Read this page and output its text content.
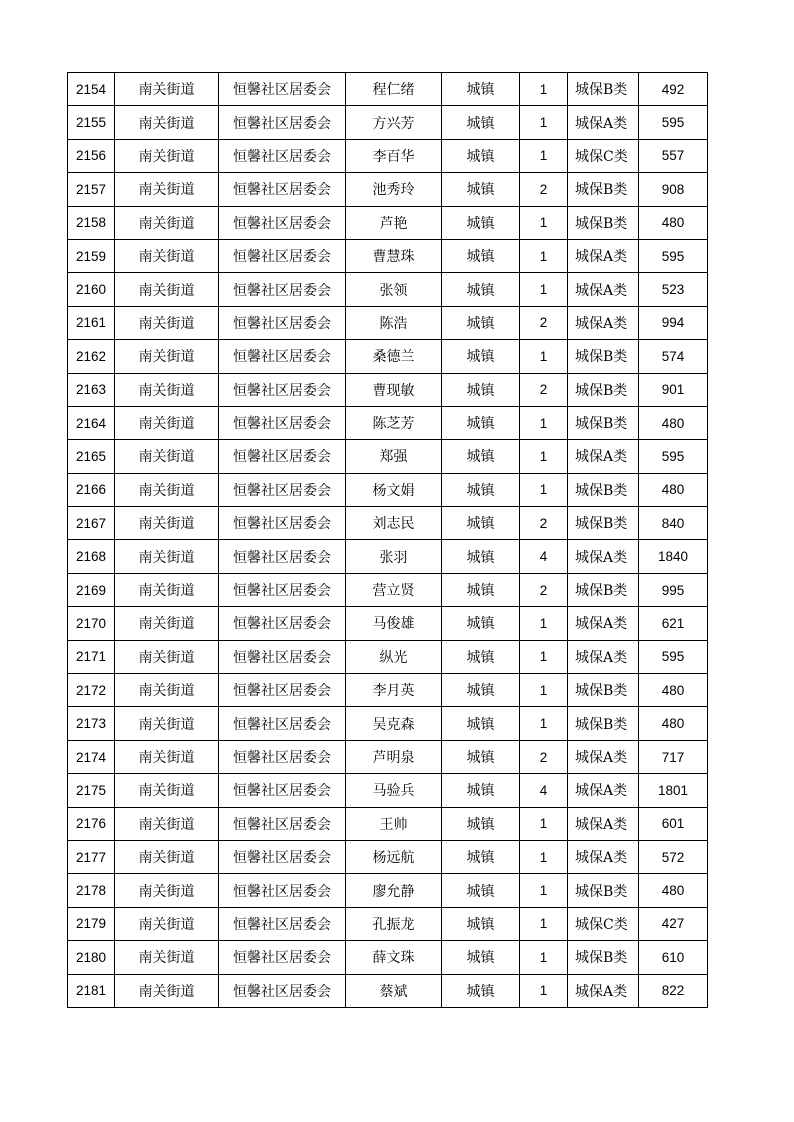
2154	南关街道	恒馨社区居委会	程仁绪	城镇	1	城保B类	492
2155	南关街道	恒馨社区居委会	方兴芳	城镇	1	城保A类	595
2156	南关街道	恒馨社区居委会	李百华	城镇	1	城保C类	557
2157	南关街道	恒馨社区居委会	池秀玲	城镇	2	城保B类	908
2158	南关街道	恒馨社区居委会	芦艳	城镇	1	城保B类	480
2159	南关街道	恒馨社区居委会	曹慧珠	城镇	1	城保A类	595
2160	南关街道	恒馨社区居委会	张领	城镇	1	城保A类	523
2161	南关街道	恒馨社区居委会	陈浩	城镇	2	城保A类	994
2162	南关街道	恒馨社区居委会	桑德兰	城镇	1	城保B类	574
2163	南关街道	恒馨社区居委会	曹现敏	城镇	2	城保B类	901
2164	南关街道	恒馨社区居委会	陈芝芳	城镇	1	城保B类	480
2165	南关街道	恒馨社区居委会	郑强	城镇	1	城保A类	595
2166	南关街道	恒馨社区居委会	杨文娟	城镇	1	城保B类	480
2167	南关街道	恒馨社区居委会	刘志民	城镇	2	城保B类	840
2168	南关街道	恒馨社区居委会	张羽	城镇	4	城保A类	1840
2169	南关街道	恒馨社区居委会	营立贤	城镇	2	城保B类	995
2170	南关街道	恒馨社区居委会	马俊雄	城镇	1	城保A类	621
2171	南关街道	恒馨社区居委会	纵光	城镇	1	城保A类	595
2172	南关街道	恒馨社区居委会	李月英	城镇	1	城保B类	480
2173	南关街道	恒馨社区居委会	吴克森	城镇	1	城保B类	480
2174	南关街道	恒馨社区居委会	芦明泉	城镇	2	城保A类	717
2175	南关街道	恒馨社区居委会	马验兵	城镇	4	城保A类	1801
2176	南关街道	恒馨社区居委会	王帅	城镇	1	城保A类	601
2177	南关街道	恒馨社区居委会	杨远航	城镇	1	城保A类	572
2178	南关街道	恒馨社区居委会	廖允静	城镇	1	城保B类	480
2179	南关街道	恒馨社区居委会	孔振龙	城镇	1	城保C类	427
2180	南关街道	恒馨社区居委会	薛文珠	城镇	1	城保B类	610
2181	南关街道	恒馨社区居委会	蔡斌	城镇	1	城保A类	822
